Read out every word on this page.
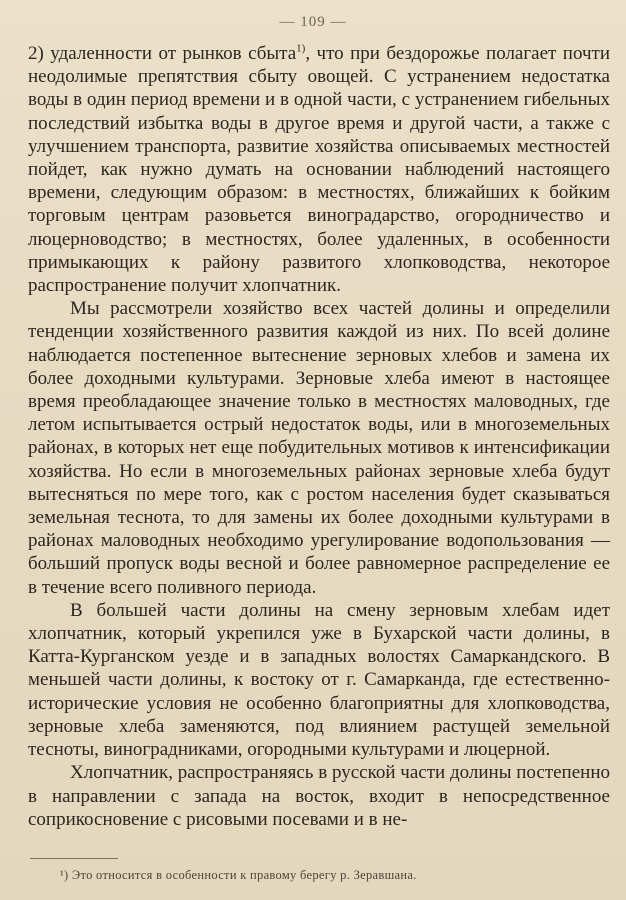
— 109 —

2) удаленности от рынков сбыта$^{1)}$, что при бездорожье полагает почти неодолимые препятствия сбыту овощей. С устранением недостатка воды в один период времени и в одной части, с устранением гибельных последствий избытка воды в другое время и другой части, а также с улучшением транспорта, развитие хозяйства описываемых местностей пойдет, как нужно думать на основании наблюдений настоящего времени, следующим образом: в местностях, ближайших к бойким торговым центрам разовьется виноградарство, огородничество и люцерноводство; в местностях, более удаленных, в особенности примыкающих к району развитого хлопководства, некоторое распространение получит хлопчатник.

Мы рассмотрели хозяйство всех частей долины и определили тенденции хозяйственного развития каждой из них. По всей долине наблюдается постепенное вытеснение зерновых хлебов и замена их более доходными культурами. Зерновые хлеба имеют в настоящее время преобладающее значение только в местностях маловодных, где летом испытывается острый недостаток воды, или в многоземельных районах, в которых нет еще побудительных мотивов к интенсификации хозяйства. Но если в многоземельных районах зерновые хлеба будут вытесняться по мере того, как с ростом населения будет сказываться земельная теснота, то для замены их более доходными культурами в районах маловодных необходимо урегулирование водопользования — больший пропуск воды весной и более равномерное распределение ее в течение всего поливного периода.

В большей части долины на смену зерновым хлебам идет хлопчатник, который укрепился уже в Бухарской части долины, в Катта-Курганском уезде и в западных волостях Самаркандского. В меньшей части долины, к востоку от г. Самарканда, где естественно-исторические условия не особенно благоприятны для хлопководства, зерновые хлеба заменяются, под влиянием растущей земельной тесноты, виноградниками, огородными культурами и люцерной.

Хлопчатник, распространяясь в русской части долины постепенно в направлении с запада на восток, входит в непосредственное соприкосновение с рисовыми посевами и в не-

¹) Это относится в особенности к правому берегу р. Зеравшана.
